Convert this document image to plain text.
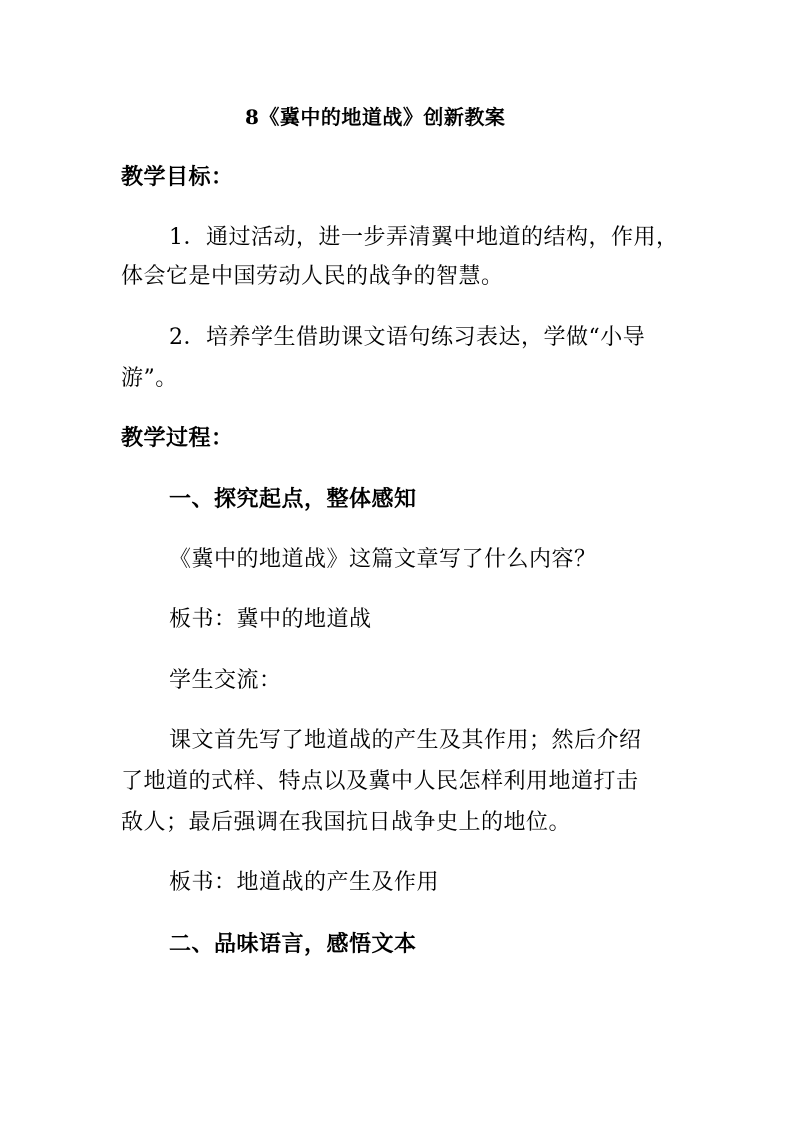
8《冀中的地道战》创新教案
教学目标：
1．通过活动，进一步弄清翼中地道的结构，作用，
体会它是中国劳动人民的战争的智慧。
2．培养学生借助课文语句练习表达，学做“小导
游”。
教学过程：
一、探究起点，整体感知
《冀中的地道战》这篇文章写了什么内容？
板书：冀中的地道战
学生交流：
课文首先写了地道战的产生及其作用；然后介绍
了地道的式样、特点以及冀中人民怎样利用地道打击
敌人；最后强调在我国抗日战争史上的地位。
板书：地道战的产生及作用
二、品味语言，感悟文本
